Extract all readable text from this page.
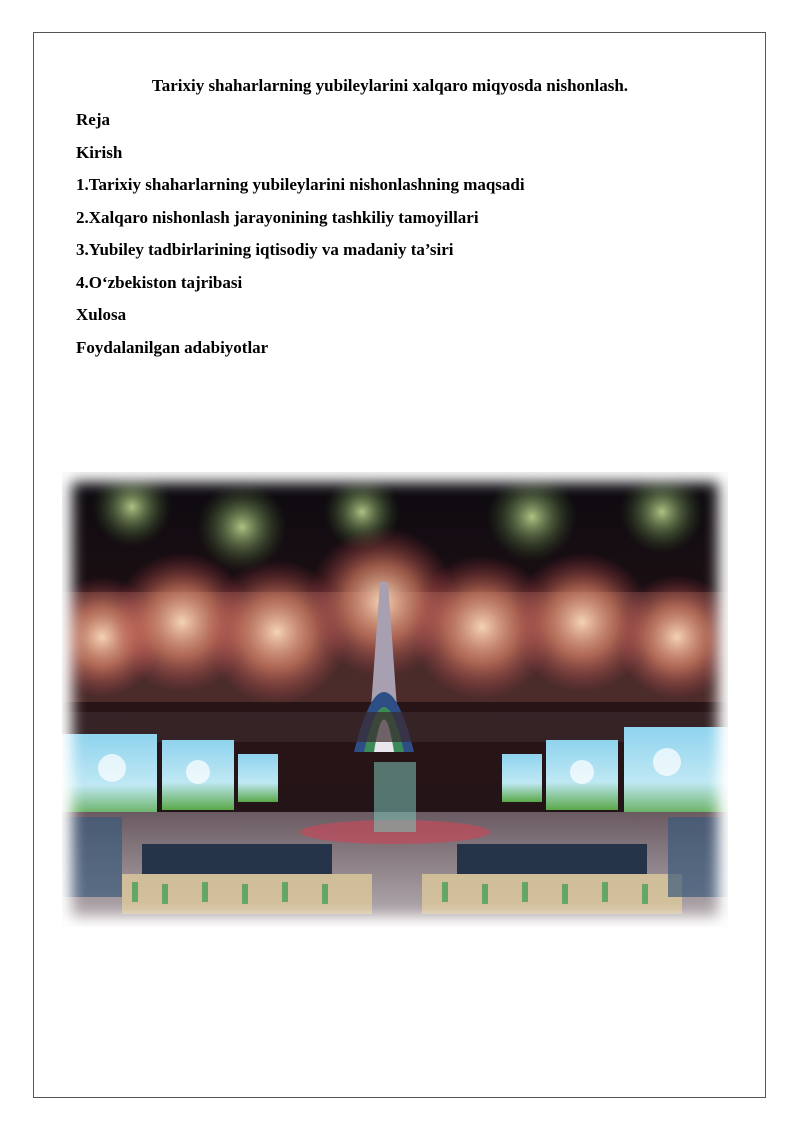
Tarixiy shaharlarning yubileylarini xalqaro miqyosda nishonlash.
Reja
Kirish
1.Tarixiy shaharlarning yubileylarini nishonlashning maqsadi
2.Xalqaro nishonlash jarayonining tashkiliy tamoyillari
3.Yubiley tadbirlarining iqtisodiy va madaniy ta’siri
4.O‘zbekiston tajribasi
Xulosa
Foydalanilgan adabiyotlar
